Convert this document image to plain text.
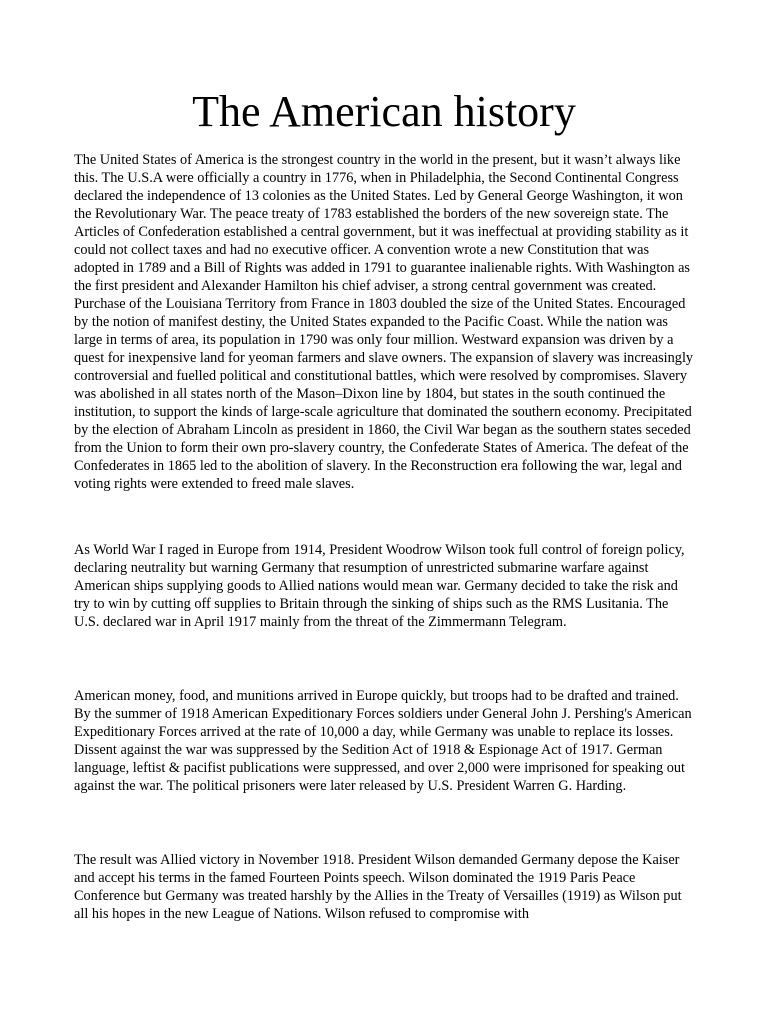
The American history

The United States of America is the strongest country in the world in the present, but it wasn’t always like this. The U.S.A were officially a country in 1776, when in Philadelphia, the Second Continental Congress declared the independence of 13 colonies as the United States. Led by General George Washington, it won the Revolutionary War. The peace treaty of 1783 established the borders of the new sovereign state. The Articles of Confederation established a central government, but it was ineffectual at providing stability as it could not collect taxes and had no executive officer. A convention wrote a new Constitution that was adopted in 1789 and a Bill of Rights was added in 1791 to guarantee inalienable rights. With Washington as the first president and Alexander Hamilton his chief adviser, a strong central government was created. Purchase of the Louisiana Territory from France in 1803 doubled the size of the United States. Encouraged by the notion of manifest destiny, the United States expanded to the Pacific Coast. While the nation was large in terms of area, its population in 1790 was only four million. Westward expansion was driven by a quest for inexpensive land for yeoman farmers and slave owners. The expansion of slavery was increasingly controversial and fuelled political and constitutional battles, which were resolved by compromises. Slavery was abolished in all states north of the Mason–Dixon line by 1804, but states in the south continued the institution, to support the kinds of large-scale agriculture that dominated the southern economy. Precipitated by the election of Abraham Lincoln as president in 1860, the Civil War began as the southern states seceded from the Union to form their own pro-slavery country, the Confederate States of America. The defeat of the Confederates in 1865 led to the abolition of slavery. In the Reconstruction era following the war, legal and voting rights were extended to freed male slaves.

As World War I raged in Europe from 1914, President Woodrow Wilson took full control of foreign policy, declaring neutrality but warning Germany that resumption of unrestricted submarine warfare against American ships supplying goods to Allied nations would mean war. Germany decided to take the risk and try to win by cutting off supplies to Britain through the sinking of ships such as the RMS Lusitania. The U.S. declared war in April 1917 mainly from the threat of the Zimmermann Telegram.

American money, food, and munitions arrived in Europe quickly, but troops had to be drafted and trained. By the summer of 1918 American Expeditionary Forces soldiers under General John J. Pershing's American Expeditionary Forces arrived at the rate of 10,000 a day, while Germany was unable to replace its losses. Dissent against the war was suppressed by the Sedition Act of 1918 & Espionage Act of 1917. German language, leftist & pacifist publications were suppressed, and over 2,000 were imprisoned for speaking out against the war. The political prisoners were later released by U.S. President Warren G. Harding.

The result was Allied victory in November 1918. President Wilson demanded Germany depose the Kaiser and accept his terms in the famed Fourteen Points speech. Wilson dominated the 1919 Paris Peace Conference but Germany was treated harshly by the Allies in the Treaty of Versailles (1919) as Wilson put all his hopes in the new League of Nations. Wilson refused to compromise with
